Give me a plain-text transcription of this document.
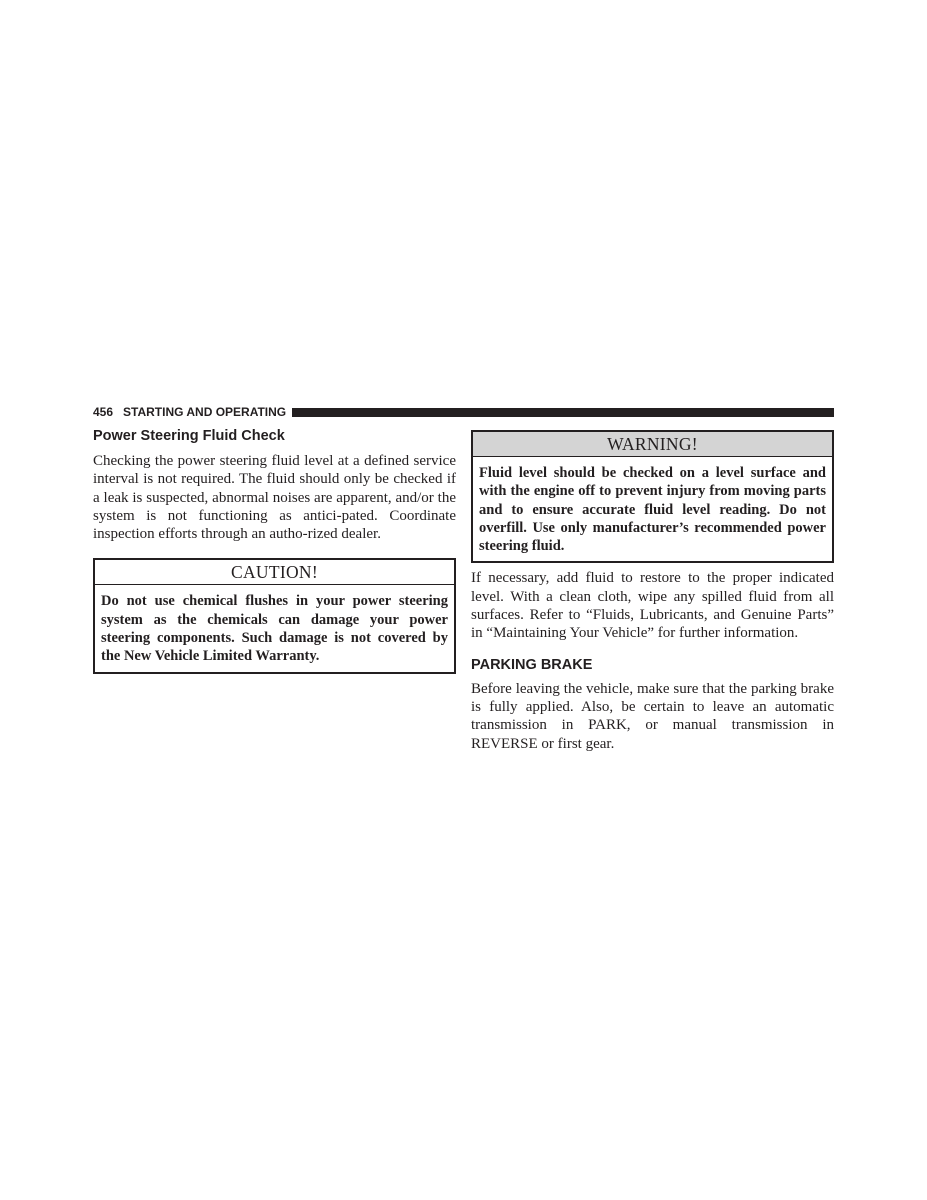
456 STARTING AND OPERATING
Power Steering Fluid Check

Checking the power steering fluid level at a defined service interval is not required. The fluid should only be checked if a leak is suspected, abnormal noises are apparent, and/or the system is not functioning as antici-pated. Coordinate inspection efforts through an autho-rized dealer.

CAUTION!
Do not use chemical flushes in your power steering system as the chemicals can damage your power steering components. Such damage is not covered by the New Vehicle Limited Warranty.
WARNING!
Fluid level should be checked on a level surface and with the engine off to prevent injury from moving parts and to ensure accurate fluid level reading. Do not overfill. Use only manufacturer’s recommended power steering fluid.

If necessary, add fluid to restore to the proper indicated level. With a clean cloth, wipe any spilled fluid from all surfaces. Refer to “Fluids, Lubricants, and Genuine Parts” in “Maintaining Your Vehicle” for further information.

PARKING BRAKE

Before leaving the vehicle, make sure that the parking brake is fully applied. Also, be certain to leave an automatic transmission in PARK, or manual transmission in REVERSE or first gear.
